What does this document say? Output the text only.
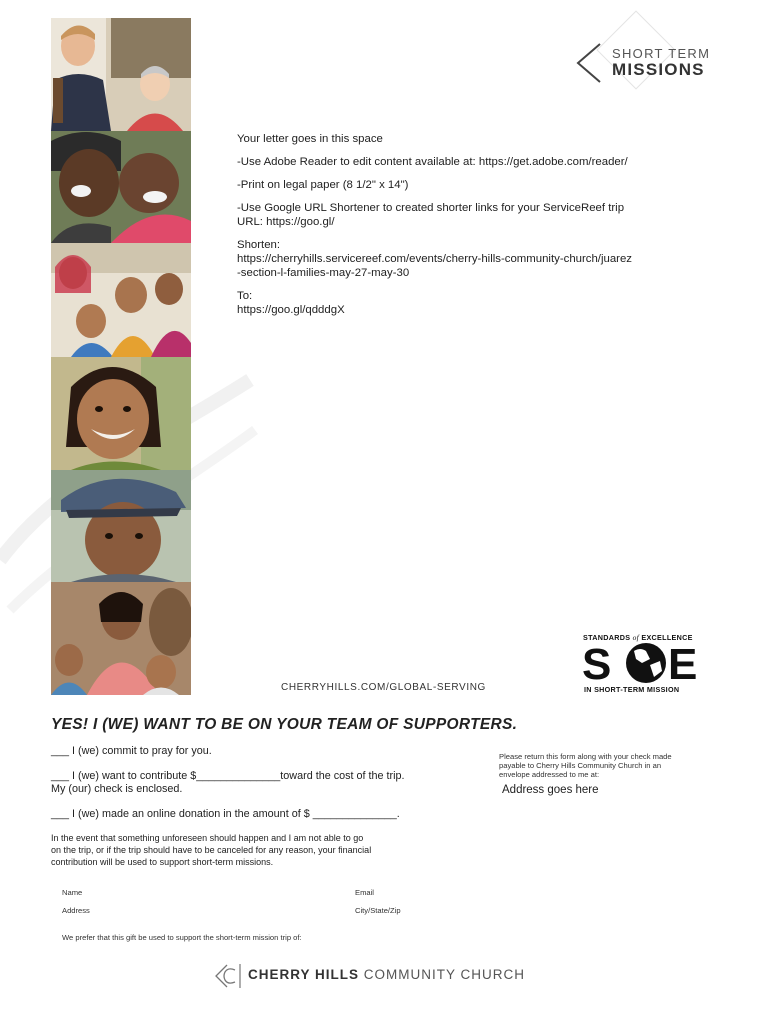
SHORT TERM
MISSIONS

Your letter goes in this space

-Use Adobe Reader to edit content available at: https://get.adobe.com/reader/

-Print on legal paper (8 1/2" x 14")

-Use Google URL Shortener to created shorter links for your ServiceReef trip

URL: https://goo.gl/

Shorten:
https://cherryhills.servicereef.com/events/cherry-hills-community-church/juarez

-section-l-families-may-27-may-30

To:
https://goo.gl/qdddgX
STANDARDS of EXCELLENCE
S E
IN SHORT-TERM MISSION
CHERRYHILLS.COM/GLOBAL-SERVING
YES! I (WE) WANT TO BE ON YOUR TEAM OF SUPPORTERS.
___ I (we) commit to pray for you.
___ I (we) want to contribute $______________toward the cost of the trip.
My (our) check is enclosed.
___ I (we) made an online donation in the amount of $ ______________.
In the event that something unforeseen should happen and I am not able to go
on the trip, or if the trip should have to be canceled for any reason, your financial
contribution will be used to support short-term missions.
Please return this form along with your check made
payable to Cherry Hills Community Church in an
envelope addressed to me at:
Address goes here
Name	Email
Address	City/State/Zip
We prefer that this gift be used to support the short-term mission trip of:
CHERRY HILLS COMMUNITY CHURCH
